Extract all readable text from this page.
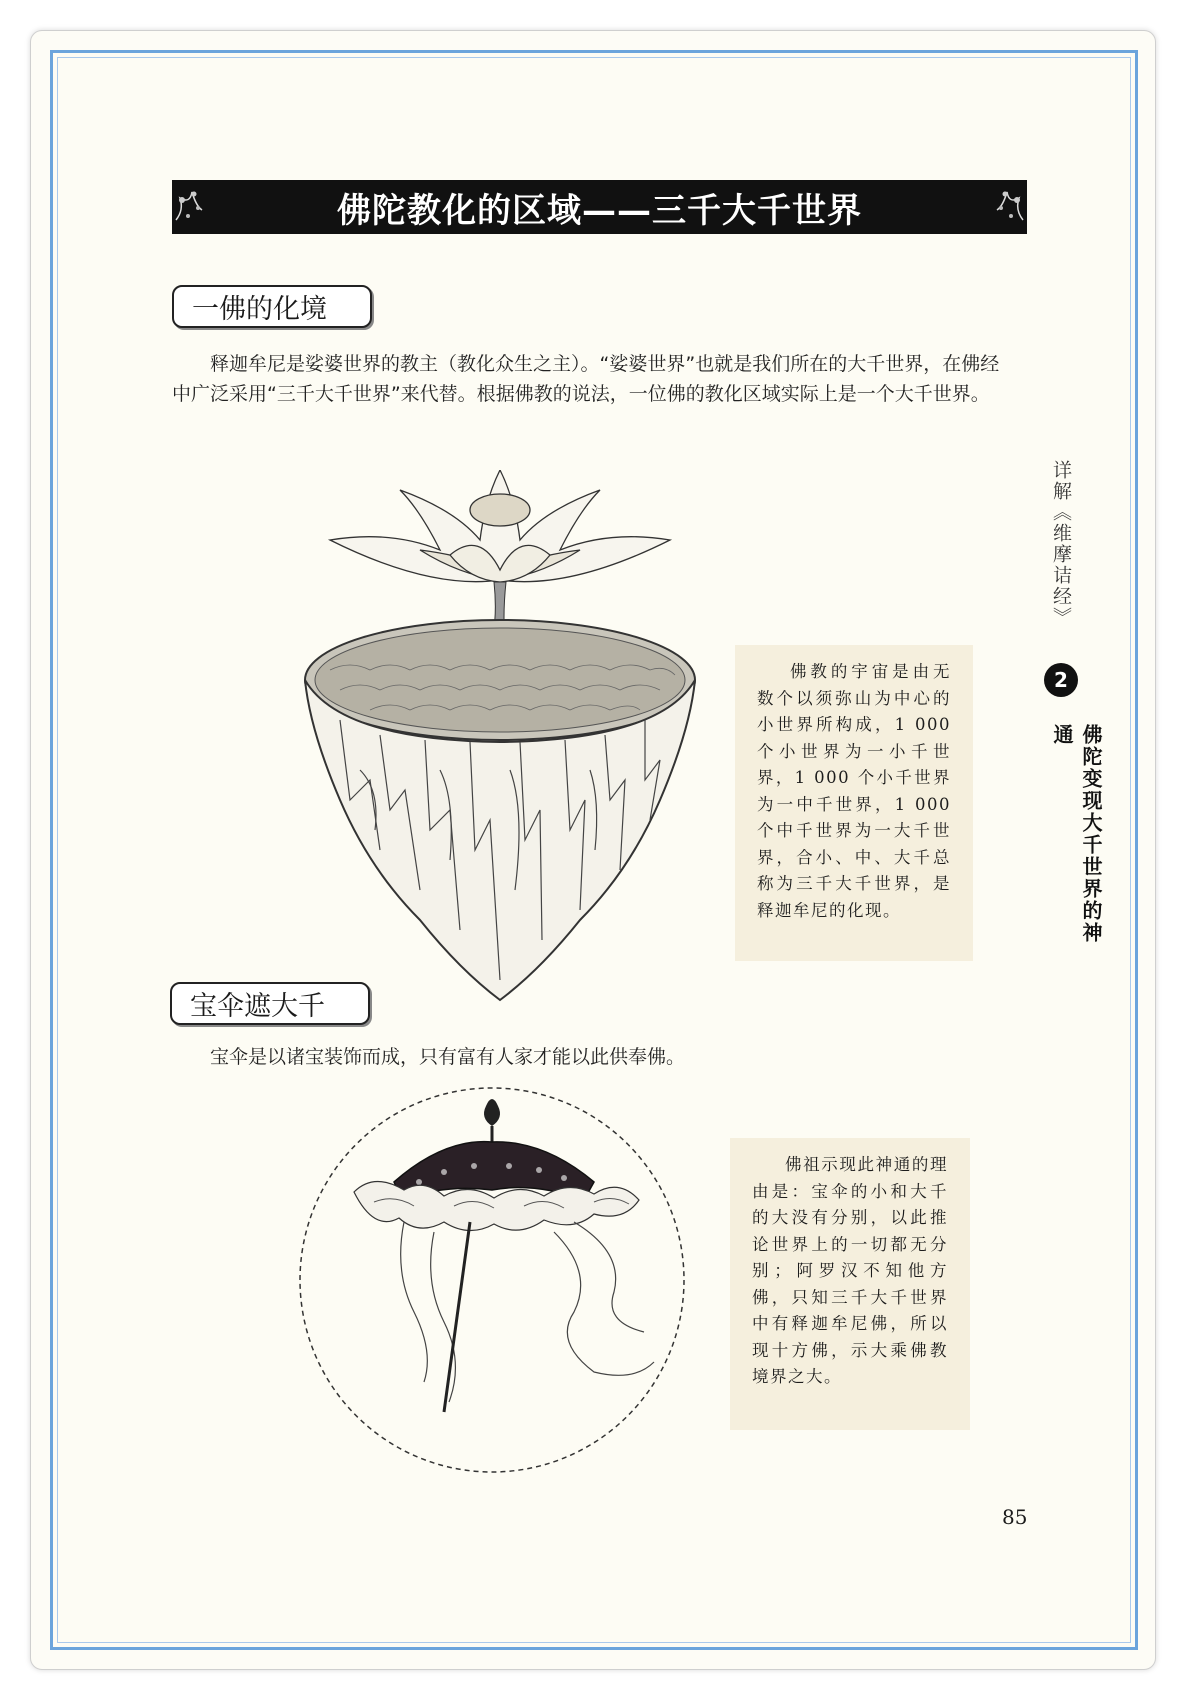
佛陀教化的区域——三千大千世界
一佛的化境
释迦牟尼是娑婆世界的教主（教化众生之主）。“娑婆世界”也就是我们所在的大千世界，在佛经中广泛采用“三千大千世界”来代替。根据佛教的说法，一位佛的教化区域实际上是一个大千世界。

佛教的宇宙是由无数个以须弥山为中心的小世界所构成，1 000 个小世界为一小千世界，1 000 个小千世界为一中千世界，1 000 个中千世界为一大千世界，合小、中、大千总称为三千大千世界，是释迦牟尼的化现。

宝伞遮大千
宝伞是以诸宝装饰而成，只有富有人家才能以此供奉佛。

佛祖示现此神通的理由是：宝伞的小和大千的大没有分别，以此推论世界上的一切都无分别；阿罗汉不知他方佛，只知三千大千世界中有释迦牟尼佛，所以现十方佛，示大乘佛教境界之大。

详解《维摩诘经》
2
佛陀变现大千世界的神通
85
